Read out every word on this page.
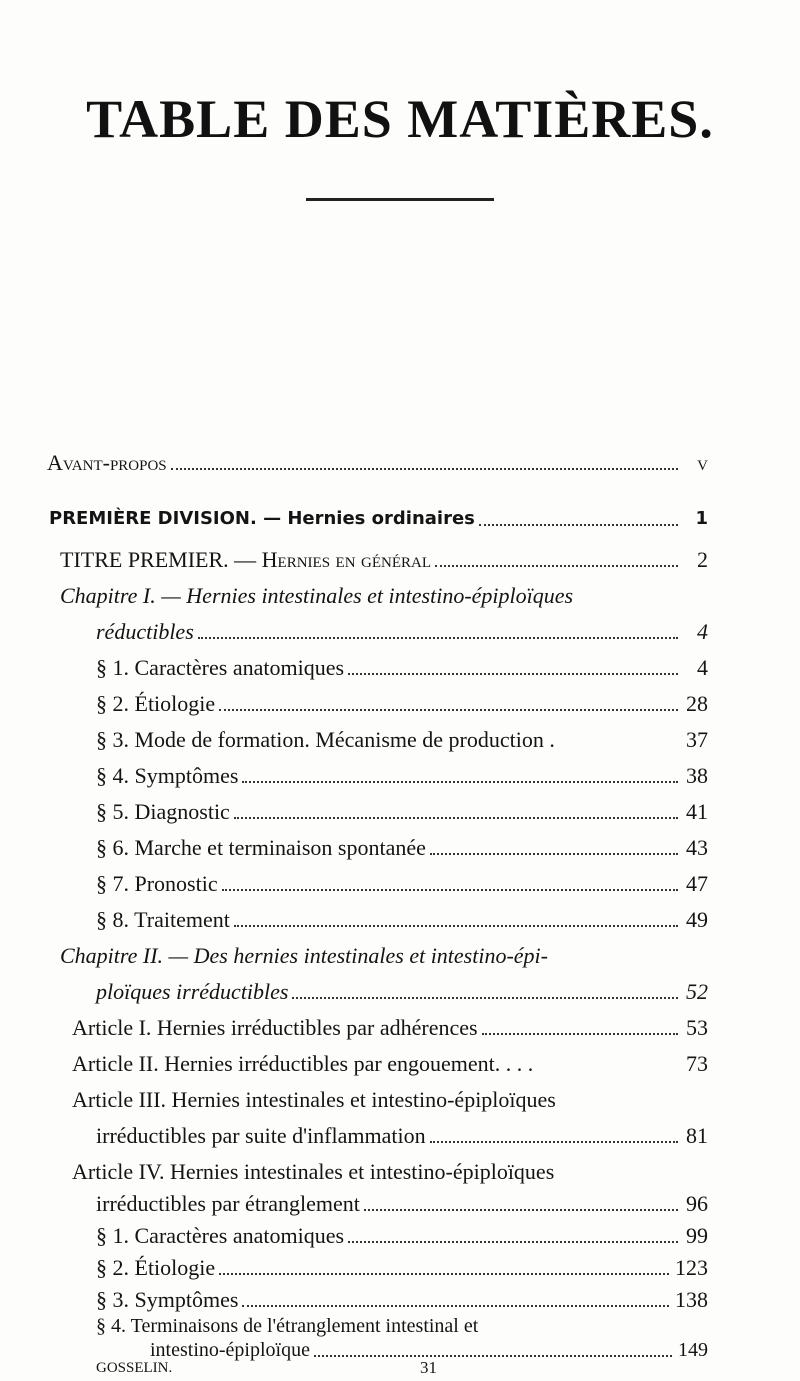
TABLE DES MATIÈRES.
Avant-propos	v
PREMIÈRE DIVISION. — Hernies ordinaires	1
TITRE PREMIER. — Hernies en général	2
Chapitre I. — Hernies intestinales et intestino-épiploïques
réductibles	4
§ 1. Caractères anatomiques	4
§ 2. Étiologie	28
§ 3. Mode de formation. Mécanisme de production .	37
§ 4. Symptômes	38
§ 5. Diagnostic	41
§ 6. Marche et terminaison spontanée	43
§ 7. Pronostic	47
§ 8. Traitement	49
Chapitre II. — Des hernies intestinales et intestino-épi-
ploïques irréductibles	52
Article I. Hernies irréductibles par adhérences	53
Article II. Hernies irréductibles par engouement. . . .	73
Article III. Hernies intestinales et intestino-épiploïques
irréductibles par suite d'inflammation	81
Article IV. Hernies intestinales et intestino-épiploïques
irréductibles par étranglement	96
§ 1. Caractères anatomiques	99
§ 2. Étiologie	123
§ 3. Symptômes	138
§ 4. Terminaisons de l'étranglement intestinal et
intestino-épiploïque	149
GOSSELIN.	31
